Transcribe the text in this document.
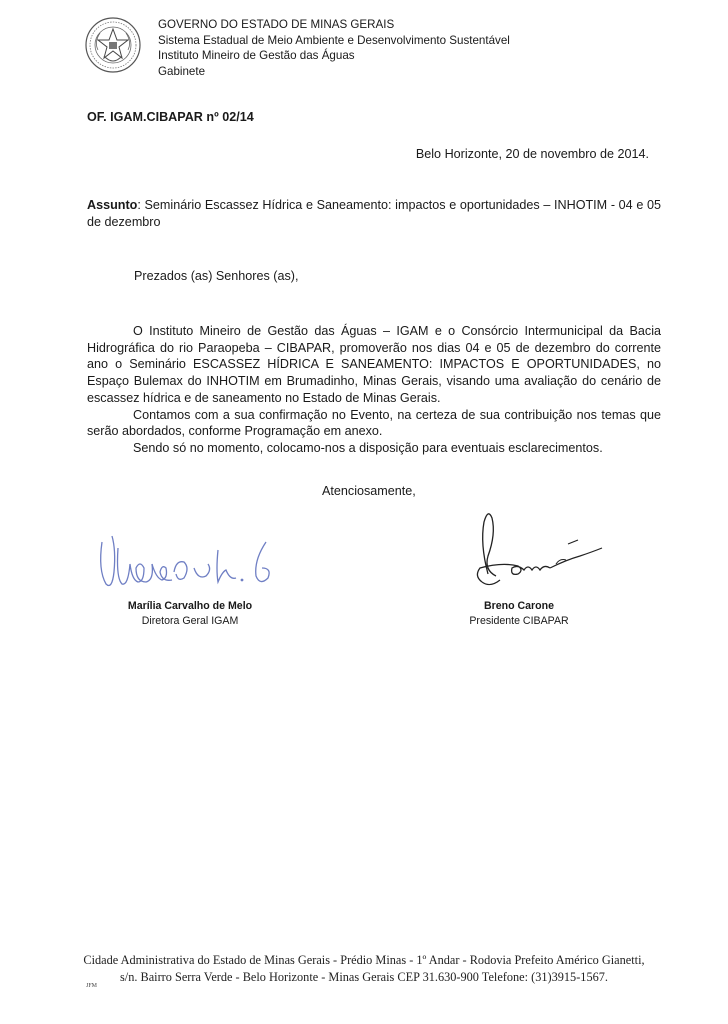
GOVERNO DO ESTADO DE MINAS GERAIS
Sistema Estadual de Meio Ambiente e Desenvolvimento Sustentável
Instituto Mineiro de Gestão das Águas
Gabinete
OF. IGAM.CIBAPAR nº 02/14
Belo Horizonte, 20 de novembro de 2014.
Assunto: Seminário Escassez Hídrica e Saneamento: impactos e oportunidades – INHOTIM - 04 e 05 de dezembro
Prezados (as) Senhores (as),

O Instituto Mineiro de Gestão das Águas – IGAM e o Consórcio Intermunicipal da Bacia Hidrográfica do rio Paraopeba – CIBAPAR, promoverão nos dias 04 e 05 de dezembro do corrente ano o Seminário ESCASSEZ HÍDRICA E SANEAMENTO: IMPACTOS E OPORTUNIDADES, no Espaço Bulemax do INHOTIM em Brumadinho, Minas Gerais, visando uma avaliação do cenário de escassez hídrica e de saneamento no Estado de Minas Gerais.

Contamos com a sua confirmação no Evento, na certeza de sua contribuição nos temas que serão abordados, conforme Programação em anexo.

Sendo só no momento, colocamo-nos a disposição para eventuais esclarecimentos.

Atenciosamente,
Marília Carvalho de Melo
Diretora Geral IGAM
Breno Carone
Presidente CIBAPAR
Cidade Administrativa do Estado de Minas Gerais - Prédio Minas - 1º Andar - Rodovia Prefeito Américo Gianetti,
s/n. Bairro Serra Verde - Belo Horizonte - Minas Gerais CEP 31.630-900 Telefone: (31)3915-1567.
JFM
